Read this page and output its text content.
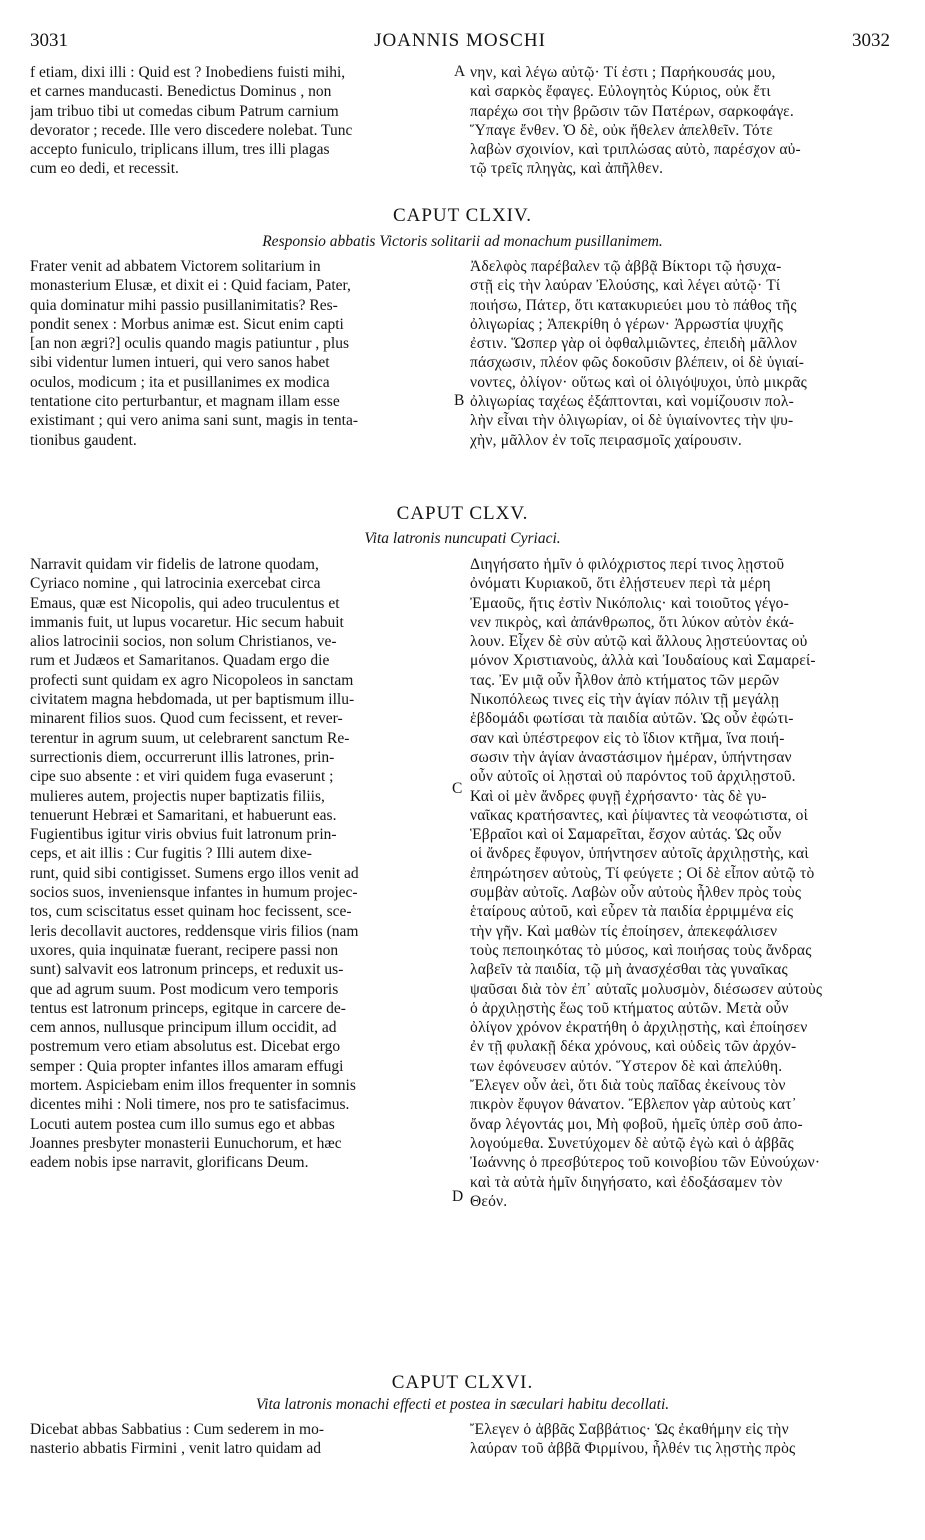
3031	JOANNIS MOSCHI	3032
f etiam, dixi illi : Quid est ? Inobediens fuisti mihi,
et carnes manducasti. Benedictus Dominus , non
jam tribuo tibi ut comedas cibum Patrum carnium
devorator ; recede. Ille vero discedere nolebat. Tunc
accepto funiculo, triplicans illum, tres illi plagas
cum eo dedi, et recessit.
νην, καὶ λέγω αὐτῷ· Τί ἐστι ; Παρήκουσάς μου,
καὶ σαρκὸς ἔφαγες. Εὐλογητὸς Κύριος, οὐκ ἔτι
παρέχω σοι τὴν βρῶσιν τῶν Πατέρων, σαρκοφάγε.
Ὕπαγε ἔνθεν. Ὁ δὲ, οὐκ ἤθελεν ἀπελθεῖν. Τότε
λαβὼν σχοινίον, καὶ τριπλώσας αὐτὸ, παρέσχον αὐ-
τῷ τρεῖς πληγὰς, καὶ ἀπῆλθεν.
A
CAPUT CLXIV.
Responsio abbatis Victoris solitarii ad monachum pusillanimem.
Frater venit ad abbatem Victorem solitarium in
monasterium Elusæ, et dixit ei : Quid faciam, Pater,
quia dominatur mihi passio pusillanimitatis? Res-
pondit senex : Morbus animæ est. Sicut enim capti
[an non ægri?] oculis quando magis patiuntur , plus
sibi videntur lumen intueri, qui vero sanos habet
oculos, modicum ; ita et pusillanimes ex modica
tentatione cito perturbantur, et magnam illam esse
existimant ; qui vero anima sani sunt, magis in tenta-
tionibus gaudent.
Ἀδελφὸς παρέβαλεν τῷ ἀββᾷ Βίκτορι τῷ ἡσυχα-
στῇ εἰς τὴν λαύραν Ἐλούσης, καὶ λέγει αὐτῷ· Τί
ποιήσω, Πάτερ, ὅτι κατακυριεύει μου τὸ πάθος τῆς
ὀλιγωρίας ; Ἀπεκρίθη ὁ γέρων· Ἀρρωστία ψυχῆς
ἐστιν. Ὥσπερ γὰρ οἱ ὀφθαλμιῶντες, ἐπειδὴ μᾶλλον
πάσχωσιν, πλέον φῶς δοκοῦσιν βλέπειν, οἱ δὲ ὑγιαί-
νοντες, ὀλίγον· οὕτως καὶ οἱ ὀλιγόψυχοι, ὑπὸ μικρᾶς
ὀλιγωρίας ταχέως ἐξάπτονται, καὶ νομίζουσιν πολ-
λὴν εἶναι τὴν ὀλιγωρίαν, οἱ δὲ ὑγιαίνοντες τὴν ψυ-
χὴν, μᾶλλον ἐν τοῖς πειρασμοῖς χαίρουσιν.
B
CAPUT CLXV.
Vita latronis nuncupati Cyriaci.
Narravit quidam vir fidelis de latrone quodam,
Cyriaco nomine , qui latrocinia exercebat circa
Emaus, quæ est Nicopolis, qui adeo truculentus et
immanis fuit, ut lupus vocaretur. Hic secum habuit
alios latrocinii socios, non solum Christianos, ve-
rum et Judæos et Samaritanos. Quadam ergo die
profecti sunt quidam ex agro Nicopoleos in sanctam
civitatem magna hebdomada, ut per baptismum illu-
minarent filios suos. Quod cum fecissent, et rever-
terentur in agrum suum, ut celebrarent sanctum Re-
surrectionis diem, occurrerunt illis latrones, prin-
cipe suo absente : et viri quidem fuga evaserunt ;
mulieres autem, projectis nuper baptizatis filiis,
tenuerunt Hebræi et Samaritani, et habuerunt eas.
Fugientibus igitur viris obvius fuit latronum prin-
ceps, et ait illis : Cur fugitis ? Illi autem dixe-
runt, quid sibi contigisset. Sumens ergo illos venit ad
socios suos, inveniensque infantes in humum projec-
tos, cum sciscitatus esset quinam hoc fecissent, sce-
leris decollavit auctores, reddensque viris filios (nam
uxores, quia inquinatæ fuerant, recipere passi non
sunt) salvavit eos latronum princeps, et reduxit us-
que ad agrum suum. Post modicum vero temporis
tentus est latronum princeps, egitque in carcere de-
cem annos, nullusque principum illum occidit, ad
postremum vero etiam absolutus est. Dicebat ergo
semper : Quia propter infantes illos amaram effugi
mortem. Aspiciebam enim illos frequenter in somnis
dicentes mihi : Noli timere, nos pro te satisfacimus.
Locuti autem postea cum illo sumus ego et abbas
Joannes presbyter monasterii Eunuchorum, et hæc
eadem nobis ipse narravit, glorificans Deum.
Διηγήσατο ἡμῖν ὁ φιλόχριστος περί τινος λῃστοῦ
ὀνόματι Κυριακοῦ, ὅτι ἐλῄστευεν περὶ τὰ μέρη
Ἐμαοῦς, ἥτις ἐστὶν Νικόπολις· καὶ τοιοῦτος γέγο-
νεν πικρὸς, καὶ ἀπάνθρωπος, ὅτι λύκον αὐτὸν ἐκά-
λουν. Εἶχεν δὲ σὺν αὐτῷ καὶ ἄλλους λῃστεύοντας οὐ
μόνον Χριστιανοὺς, ἀλλὰ καὶ Ἰουδαίους καὶ Σαμαρεί-
τας. Ἐν μιᾷ οὖν ἦλθον ἀπὸ κτήματος τῶν μερῶν
Νικοπόλεως τινες εἰς τὴν ἁγίαν πόλιν τῇ μεγάλῃ
ἑβδομάδι φωτίσαι τὰ παιδία αὐτῶν. Ὡς οὖν ἐφώτι-
σαν καὶ ὑπέστρεφον εἰς τὸ ἴδιον κτῆμα, ἵνα ποιή-
σωσιν τὴν ἁγίαν ἀναστάσιμον ἡμέραν, ὑπήντησαν
οὖν αὐτοῖς οἱ λῃσταὶ οὐ παρόντος τοῦ ἀρχιλῃστοῦ.
Καὶ οἱ μὲν ἄνδρες φυγῇ ἐχρήσαντο· τὰς δὲ γυ-
ναῖκας κρατήσαντες, καὶ ῥίψαντες τὰ νεοφώτιστα, οἱ
Ἑβραῖοι καὶ οἱ Σαμαρεῖται, ἔσχον αὐτάς. Ὡς οὖν
οἱ ἄνδρες ἔφυγον, ὑπήντησεν αὐτοῖς ἀρχιλῃστὴς, καὶ
ἐπηρώτησεν αὐτοὺς, Τί φεύγετε ; Οἱ δὲ εἶπον αὐτῷ τὸ
συμβὰν αὐτοῖς. Λαβὼν οὖν αὐτοὺς ἦλθεν πρὸς τοὺς
ἑταίρους αὐτοῦ, καὶ εὗρεν τὰ παιδία ἐρριμμένα εἰς
τὴν γῆν. Καὶ μαθὼν τίς ἐποίησεν, ἀπεκεφάλισεν
τοὺς πεποιηκότας τὸ μύσος, καὶ ποιήσας τοὺς ἄνδρας
λαβεῖν τὰ παιδία, τῷ μὴ ἀνασχέσθαι τὰς γυναῖκας
ψαῦσαι διὰ τὸν ἐπ᾽ αὐταῖς μολυσμὸν, διέσωσεν αὐτοὺς
ὁ ἀρχιλῃστὴς ἕως τοῦ κτήματος αὐτῶν. Μετὰ οὖν
ὀλίγον χρόνον ἐκρατήθη ὁ ἀρχιλῃστὴς, καὶ ἐποίησεν
ἐν τῇ φυλακῇ δέκα χρόνους, καὶ οὐδεὶς τῶν ἀρχόν-
των ἐφόνευσεν αὐτόν. Ὕστερον δὲ καὶ ἀπελύθη.
Ἔλεγεν οὖν ἀεὶ, ὅτι διὰ τοὺς παῖδας ἐκείνους τὸν
πικρὸν ἔφυγον θάνατον. Ἔβλεπον γὰρ αὐτοὺς κατ᾽
ὄναρ λέγοντάς μοι, Μὴ φοβοῦ, ἡμεῖς ὑπὲρ σοῦ ἀπο-
λογούμεθα. Συνετύχομεν δὲ αὐτῷ ἐγὼ καὶ ὁ ἀββᾶς
Ἰωάννης ὁ πρεσβύτερος τοῦ κοινοβίου τῶν Εὐνούχων·
καὶ τὰ αὐτὰ ἡμῖν διηγήσατο, καὶ ἐδοξάσαμεν τὸν
Θεόν.
C
D
CAPUT CLXVI.
Vita latronis monachi effecti et postea in sæculari habitu decollati.
Dicebat abbas Sabbatius : Cum sederem in mo-
nasterio abbatis Firmini , venit latro quidam ad
Ἔλεγεν ὁ ἀββᾶς Σαββάτιος· Ὡς ἐκαθήμην εἰς τὴν
λαύραν τοῦ ἀββᾶ Φιρμίνου, ἦλθέν τις λῃστὴς πρὸς
